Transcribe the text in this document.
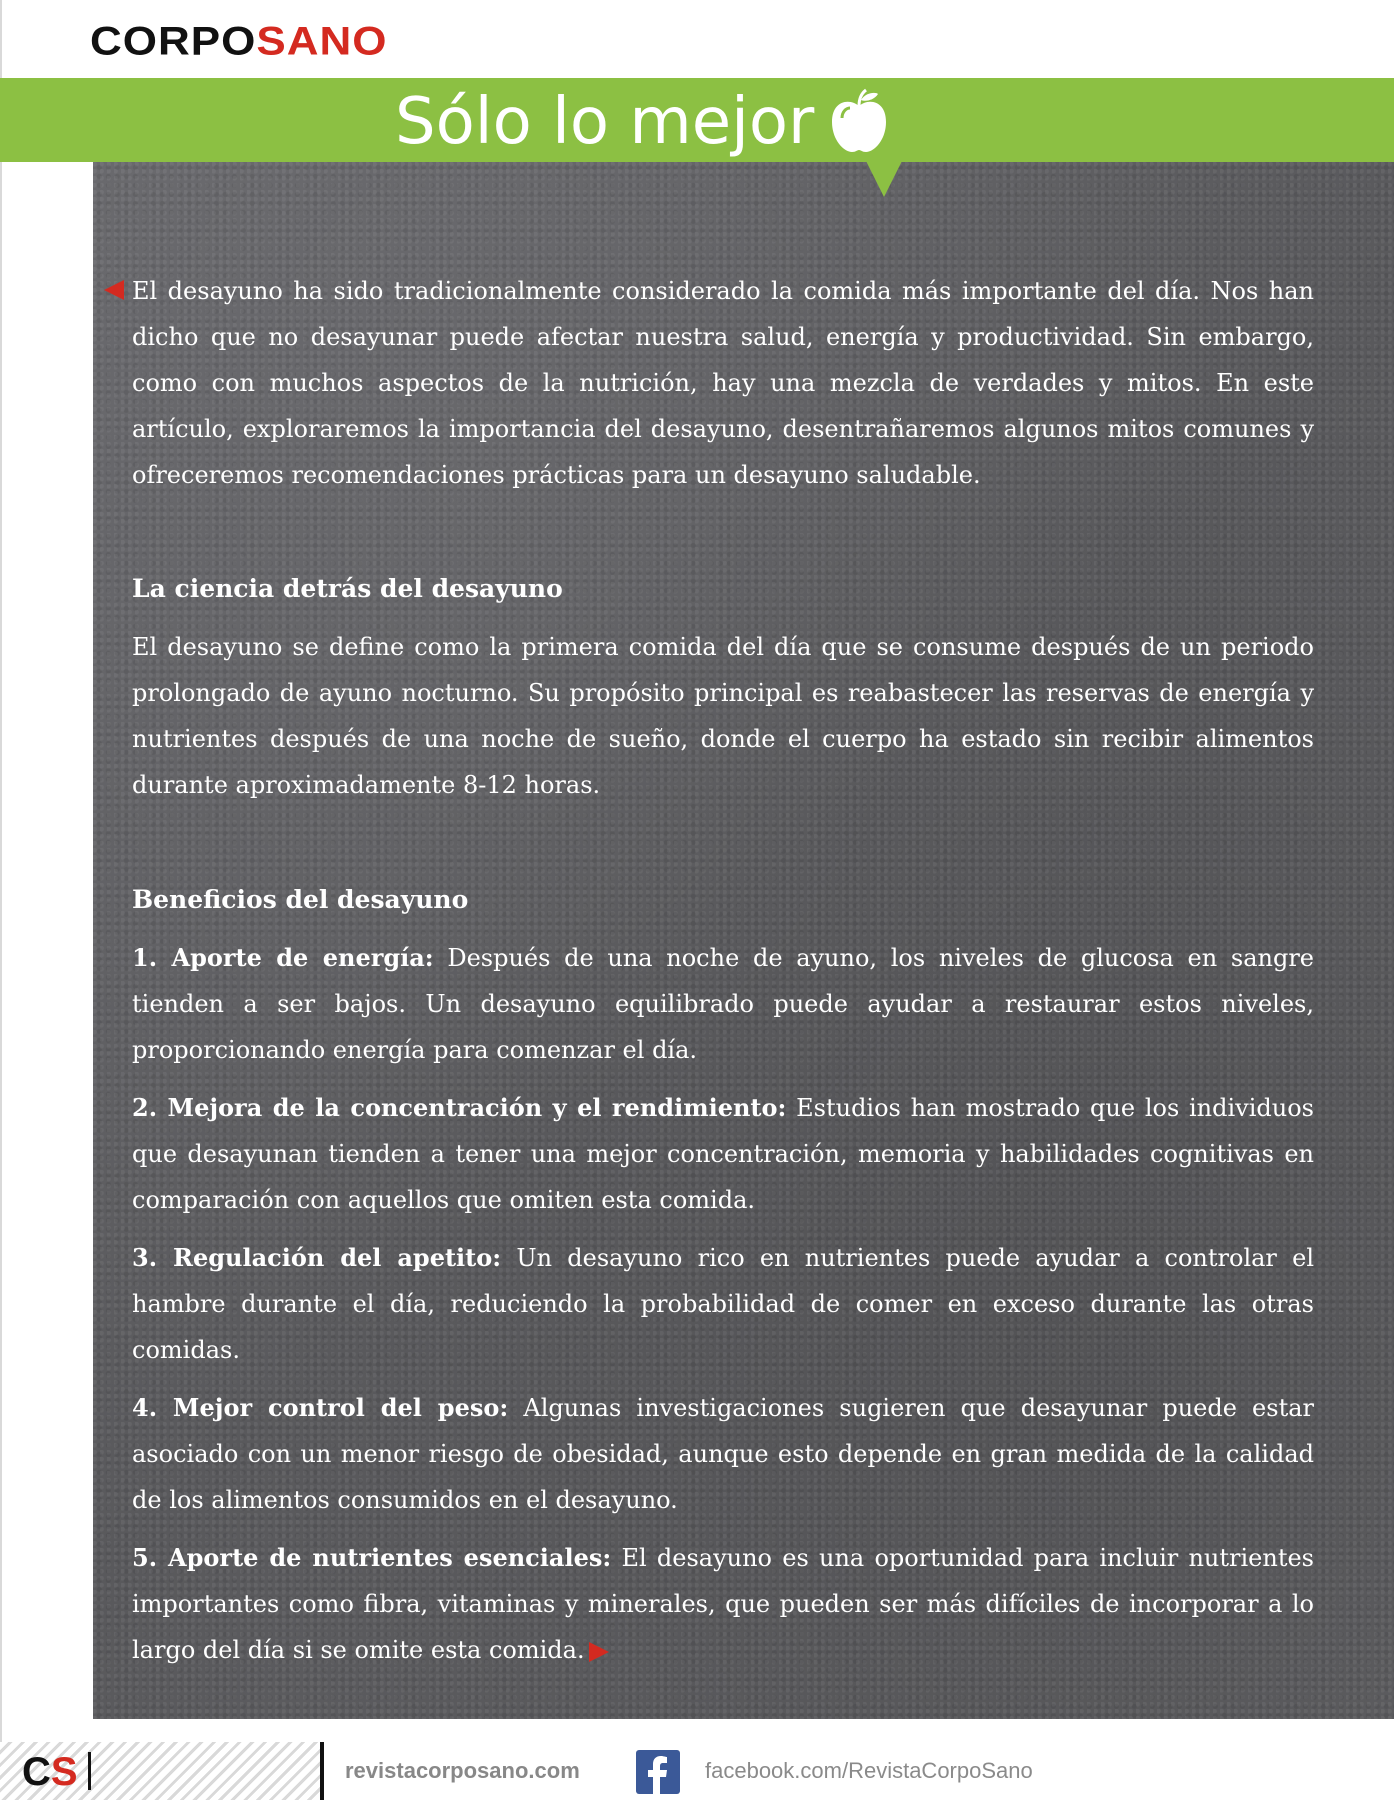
CORPOSANO
Sólo lo mejor

El desayuno ha sido tradicionalmente considerado la comida más importante del día. Nos han dicho que no desayunar puede afectar nuestra salud, energía y productividad. Sin embargo, como con muchos aspectos de la nutrición, hay una mezcla de verdades y mitos. En este artículo, exploraremos la importancia del desayuno, desentrañaremos algunos mitos comunes y ofreceremos recomendaciones prácticas para un desayuno saludable.

La ciencia detrás del desayuno

El desayuno se define como la primera comida del día que se consume después de un periodo prolongado de ayuno nocturno. Su propósito principal es reabastecer las reservas de energía y nutrientes después de una noche de sueño, donde el cuerpo ha estado sin recibir alimentos durante aproximadamente 8-12 horas.

Beneficios del desayuno

1. Aporte de energía: Después de una noche de ayuno, los niveles de glucosa en sangre tienden a ser bajos. Un desayuno equilibrado puede ayudar a restaurar estos niveles, proporcionando energía para comenzar el día.

2. Mejora de la concentración y el rendimiento: Estudios han mostrado que los individuos que desayunan tienden a tener una mejor concentración, memoria y habilidades cognitivas en comparación con aquellos que omiten esta comida.

3. Regulación del apetito: Un desayuno rico en nutrientes puede ayudar a controlar el hambre durante el día, reduciendo la probabilidad de comer en exceso durante las otras comidas.

4. Mejor control del peso: Algunas investigaciones sugieren que desayunar puede estar asociado con un menor riesgo de obesidad, aunque esto depende en gran medida de la calidad de los alimentos consumidos en el desayuno.

5. Aporte de nutrientes esenciales: El desayuno es una oportunidad para incluir nutrientes importantes como fibra, vitaminas y minerales, que pueden ser más difíciles de incorporar a lo largo del día si se omite esta comida.

CS	revistacorposano.com	facebook.com/RevistaCorpoSano
